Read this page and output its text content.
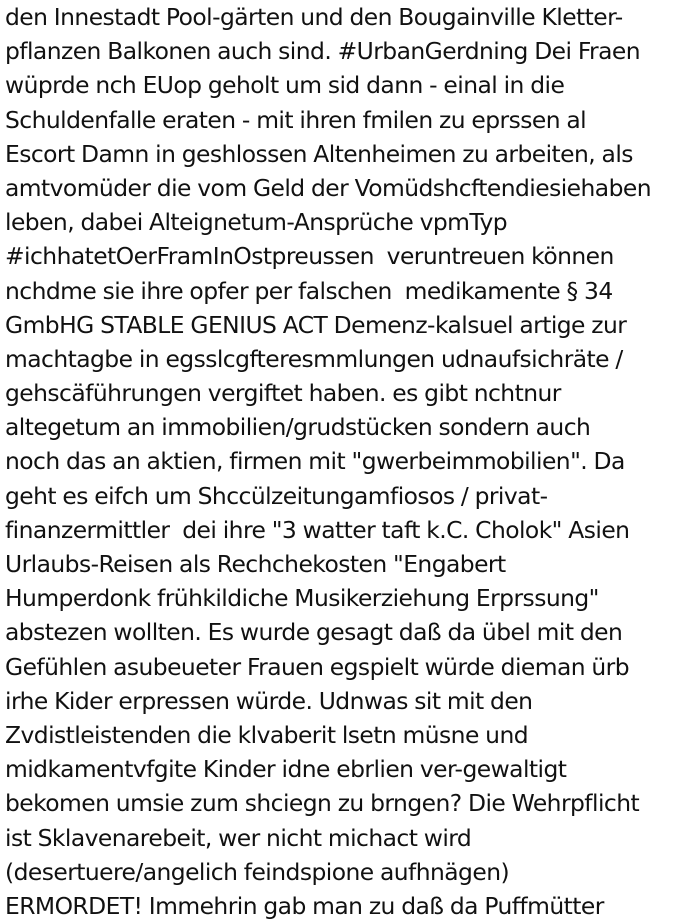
den Innestadt Pool-gärten und den Bougainville Kletter-
pflanzen Balkonen auch sind. #UrbanGerdning Dei Fraen
wüprde nch EUop geholt um sid dann - einal in die
Schuldenfalle eraten - mit ihren fmilen zu eprssen al
Escort Damn in geshlossen Altenheimen zu arbeiten, als
amtvomüder die vom Geld der Vomüdshcftendiesiehaben
leben, dabei Alteignetum-Ansprüche vpmTyp
#ichhatetOerFramInOstpreussen  veruntreuen können
nchdme sie ihre opfer per falschen  medikamente § 34
GmbHG STABLE GENIUS ACT Demenz-kalsuel artige zur
machtagbe in egsslcgfteresmmlungen udnaufsichräte /
gehscäführungen vergiftet haben. es gibt nchtnur
altegetum an immobilien/grudstücken sondern auch
noch das an aktien, firmen mit "gwerbeimmobilien". Da
geht es eifch um Shccülzeitungamfiosos / privat-
finanzermittler  dei ihre "3 watter taft k.C. Cholok" Asien
Urlaubs-Reisen als Rechchekosten "Engabert
Humperdonk frühkildiche Musikerziehung Erprssung"
abstezen wollten. Es wurde gesagt daß da übel mit den
Gefühlen asubeueter Frauen egspielt würde dieman ürb
irhe Kider erpressen würde. Udnwas sit mit den
Zvdistleistenden die klvaberit lsetn müsne und
midkamentvfgite Kinder idne ebrlien ver-gewaltigt
bekomen umsie zum shciegn zu brngen? Die Wehrpflicht
ist Sklavenarebeit, wer nicht michact wird
(desertuere/angelich feindspione aufhnägen)
ERMORDET! Immehrin gab man zu daß da Puffmütter
